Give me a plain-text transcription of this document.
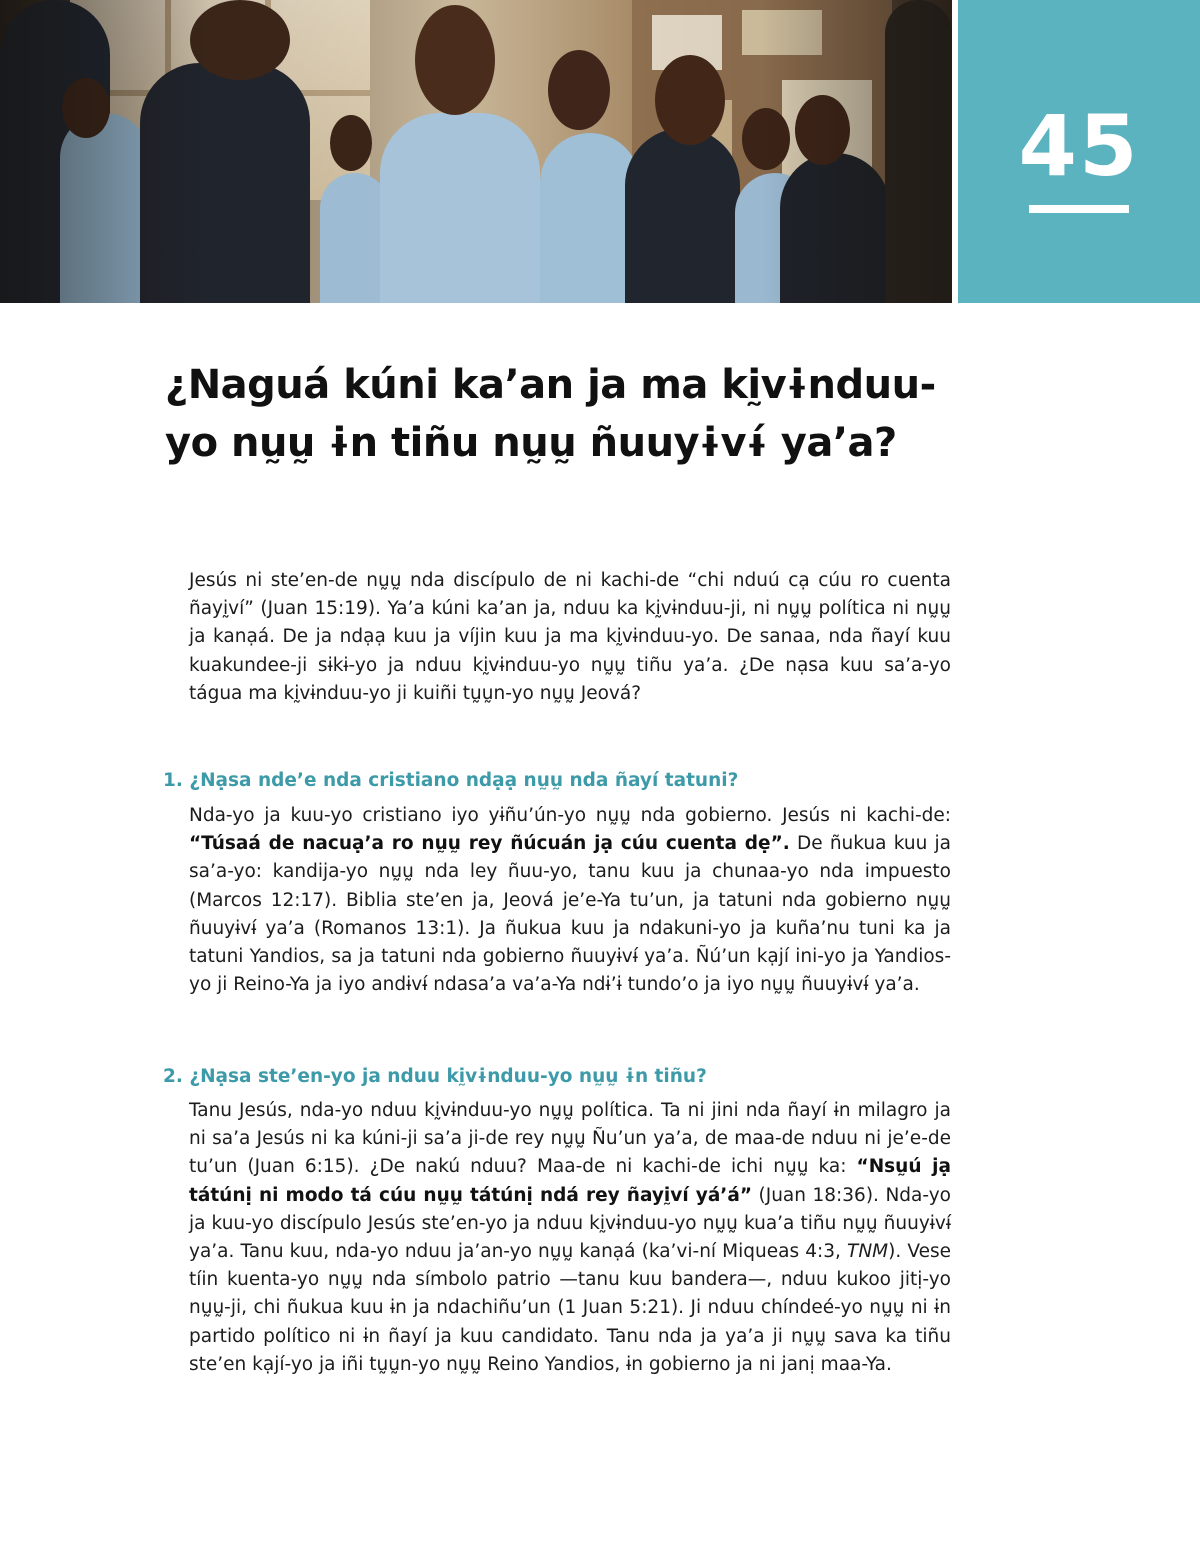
45
¿Naguá kúni ka’an ja ma kḭvɨnduu-yo nṵṵ ɨn tiñu nṵṵ ñuuyɨvɨ́ ya’a?

Jesús ni ste’en-de nṵṵ nda discípulo de ni kachi-de “chi nduú cạ cúu ro cuenta ñayḭví” (Juan 15:19). Ya’a kúni ka’an ja, nduu ka kḭvɨnduu-ji, ni nṵṵ política ni nṵṵ ja kanạá. De ja ndạạ kuu ja víjin kuu ja ma kḭvɨnduu-yo. De sanaa, nda ñayí kuu kuakundee-ji sɨkɨ-yo ja nduu kḭvɨnduu-yo nṵṵ tiñu ya’a. ¿De nạsa kuu sa’a-yo tágua ma kḭvɨnduu-yo ji kuiñi tṵṵn-yo nṵṵ Jeová?

1. ¿Nạsa nde’e nda cristiano ndạạ nṵṵ nda ñayí tatuni?

Nda-yo ja kuu-yo cristiano iyo yɨñu’ún-yo nṵṵ nda gobierno. Jesús ni kachi-de: “Túsaá de nacuạ’a ro nṵṵ rey ñúcuán jạ cúu cuenta dẹ”. De ñukua kuu ja sa’a-yo: kandija-yo nṵṵ nda ley ñuu-yo, tanu kuu ja chunaa-yo nda impuesto (Marcos 12:17). Biblia ste’en ja, Jeová je’e-Ya tu’un, ja tatuni nda gobierno nṵṵ ñuuyɨvɨ́ ya’a (Romanos 13:1). Ja ñukua kuu ja ndakuni-yo ja kuña’nu tuni ka ja tatuni Yandios, sa ja tatuni nda gobierno ñuuyɨvɨ́ ya’a. Ñú’un kạjí ini-yo ja Yandios-yo ji Reino-Ya ja iyo andɨvɨ́ ndasa’a va’a-Ya ndɨ’ɨ tundo’o ja iyo nṵṵ ñuuyɨvɨ́ ya’a.

2. ¿Nạsa ste’en-yo ja nduu kḭvɨnduu-yo nṵṵ ɨn tiñu?

Tanu Jesús, nda-yo nduu kḭvɨnduu-yo nṵṵ política. Ta ni jini nda ñayí ɨn milagro ja ni sa’a Jesús ni ka kúni-ji sa’a ji-de rey nṵṵ Ñu’un ya’a, de maa-de nduu ni je’e-de tu’un (Juan 6:15). ¿De nakú nduu? Maa-de ni kachi-de ichi nṵṵ ka: “Nsṵú jạ tátúnị ni modo tá cúu nṵṵ tátúnị ndá rey ñayḭví yá’á” (Juan 18:36). Nda-yo ja kuu-yo discípulo Jesús ste’en-yo ja nduu kḭvɨnduu-yo nṵṵ kua’a tiñu nṵṵ ñuuyɨvɨ́ ya’a. Tanu kuu, nda-yo nduu ja’an-yo nṵṵ kanạá (ka’vi-ní Miqueas 4:3, TNM). Vese tíin kuenta-yo nṵṵ nda símbolo patrio —tanu kuu bandera—, nduu kukoo jitị-yo nṵṵ-ji, chi ñukua kuu ɨn ja ndachiñu’un (1 Juan 5:21). Ji nduu chíndeé-yo nṵṵ ni ɨn partido político ni ɨn ñayí ja kuu candidato. Tanu nda ja ya’a ji nṵṵ sava ka tiñu ste’en kạjí-yo ja iñi tṵṵn-yo nṵṵ Reino Yandios, ɨn gobierno ja ni janị maa-Ya.
